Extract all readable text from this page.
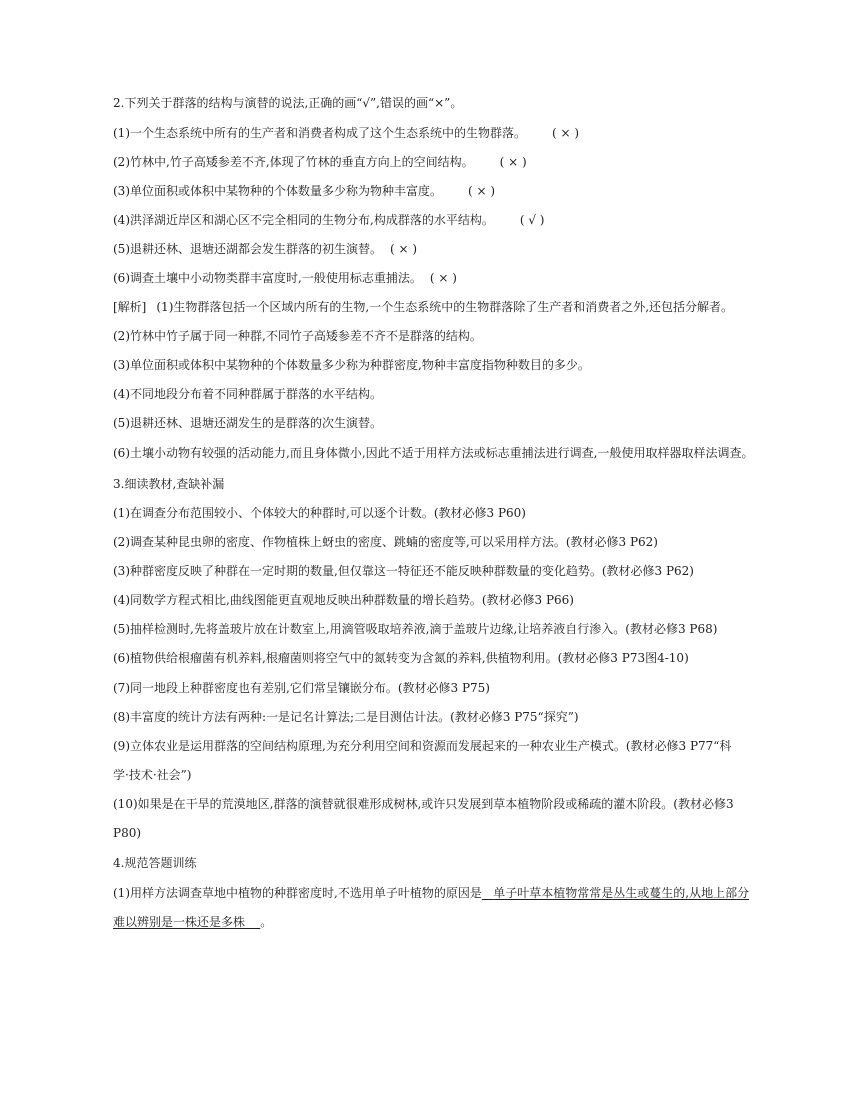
2.下列关于群落的结构与演替的说法,正确的画“√”,错误的画“×”。
(1)一个生态系统中所有的生产者和消费者构成了这个生态系统中的生物群落。 ( × )
(2)竹林中,竹子高矮参差不齐,体现了竹林的垂直方向上的空间结构。 ( × )
(3)单位面积或体积中某物种的个体数量多少称为物种丰富度。 ( × )
(4)洪泽湖近岸区和湖心区不完全相同的生物分布,构成群落的水平结构。 ( √ )
(5)退耕还林、退塘还湖都会发生群落的初生演替。 ( × )
(6)调查土壤中小动物类群丰富度时,一般使用标志重捕法。 ( × )
[解析] (1)生物群落包括一个区域内所有的生物,一个生态系统中的生物群落除了生产者和消费者之外,还包括分解者。
(2)竹林中竹子属于同一种群,不同竹子高矮参差不齐不是群落的结构。
(3)单位面积或体积中某物种的个体数量多少称为种群密度,物种丰富度指物种数目的多少。
(4)不同地段分布着不同种群属于群落的水平结构。
(5)退耕还林、退塘还湖发生的是群落的次生演替。
(6)土壤小动物有较强的活动能力,而且身体微小,因此不适于用样方法或标志重捕法进行调查,一般使用取样器取样法调查。
3.细读教材,查缺补漏
(1)在调查分布范围较小、个体较大的种群时,可以逐个计数。(教材必修3 P60)
(2)调查某种昆虫卵的密度、作物植株上蚜虫的密度、跳蝻的密度等,可以采用样方法。(教材必修3 P62)
(3)种群密度反映了种群在一定时期的数量,但仅靠这一特征还不能反映种群数量的变化趋势。(教材必修3 P62)
(4)同数学方程式相比,曲线图能更直观地反映出种群数量的增长趋势。(教材必修3 P66)
(5)抽样检测时,先将盖玻片放在计数室上,用滴管吸取培养液,滴于盖玻片边缘,让培养液自行渗入。(教材必修3 P68)
(6)植物供给根瘤菌有机养料,根瘤菌则将空气中的氮转变为含氮的养料,供植物利用。(教材必修3 P73图4-10)
(7)同一地段上种群密度也有差别,它们常呈镶嵌分布。(教材必修3 P75)
(8)丰富度的统计方法有两种:一是记名计算法;二是目测估计法。(教材必修3 P75“探究”)
(9)立体农业是运用群落的空间结构原理,为充分利用空间和资源而发展起来的一种农业生产模式。(教材必修3 P77“科
学·技术·社会”)
(10)如果是在干旱的荒漠地区,群落的演替就很难形成树林,或许只发展到草本植物阶段或稀疏的灌木阶段。(教材必修3
P80)
4.规范答题训练
(1)用样方法调查草地中植物的种群密度时,不选用单子叶植物的原因是 单子叶草本植物常常是丛生或蔓生的,从地上部分
难以辨别是一株还是多株 。
